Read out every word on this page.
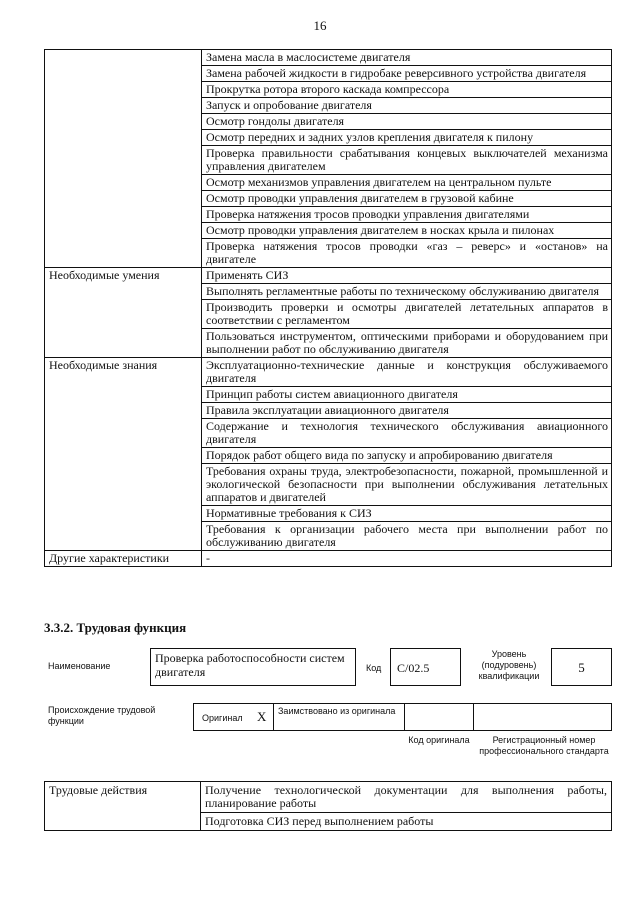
16
	Замена масла в маслосистеме двигателя
	Замена рабочей жидкости в гидробаке реверсивного устройства двигателя
	Прокрутка ротора второго каскада компрессора
	Запуск и опробование двигателя
	Осмотр гондолы двигателя
	Осмотр передних и задних узлов крепления двигателя к пилону
	Проверка правильности срабатывания концевых выключателей механизма управления двигателем
	Осмотр механизмов управления двигателем на центральном пульте
	Осмотр проводки управления двигателем в грузовой кабине
	Проверка натяжения тросов проводки управления двигателями
	Осмотр проводки управления двигателем в носках крыла и пилонах
	Проверка натяжения тросов проводки «газ – реверс» и «останов» на двигателе
Необходимые умения	Применять СИЗ
	Выполнять регламентные работы по техническому обслуживанию двигателя
	Производить проверки и осмотры двигателей летательных аппаратов в соответствии с регламентом
	Пользоваться инструментом, оптическими приборами и оборудованием при выполнении работ по обслуживанию двигателя
Необходимые знания	Эксплуатационно-технические данные и конструкция обслуживаемого двигателя
	Принцип работы систем авиационного двигателя
	Правила эксплуатации авиационного двигателя
	Содержание и технология технического обслуживания авиационного двигателя
	Порядок работ общего вида по запуску и апробированию двигателя
	Требования охраны труда, электробезопасности, пожарной, промышленной и экологической безопасности при выполнении обслуживания летательных аппаратов и двигателей
	Нормативные требования к СИЗ
	Требования к организации рабочего места при выполнении работ по обслуживанию двигателя
Другие характеристики	-
3.3.2. Трудовая функция
Наименование
Проверка работоспособности систем двигателя	Код	C/02.5
Уровень (подуровень) квалификации
5
Происхождение трудовой функции	Оригинал X Заимствовано из оригинала
Код оригинала	Регистрационный номер профессионального стандарта
Трудовые действия	Получение технологической документации для выполнения работы, планирование работы
Подготовка СИЗ перед выполнением работы
